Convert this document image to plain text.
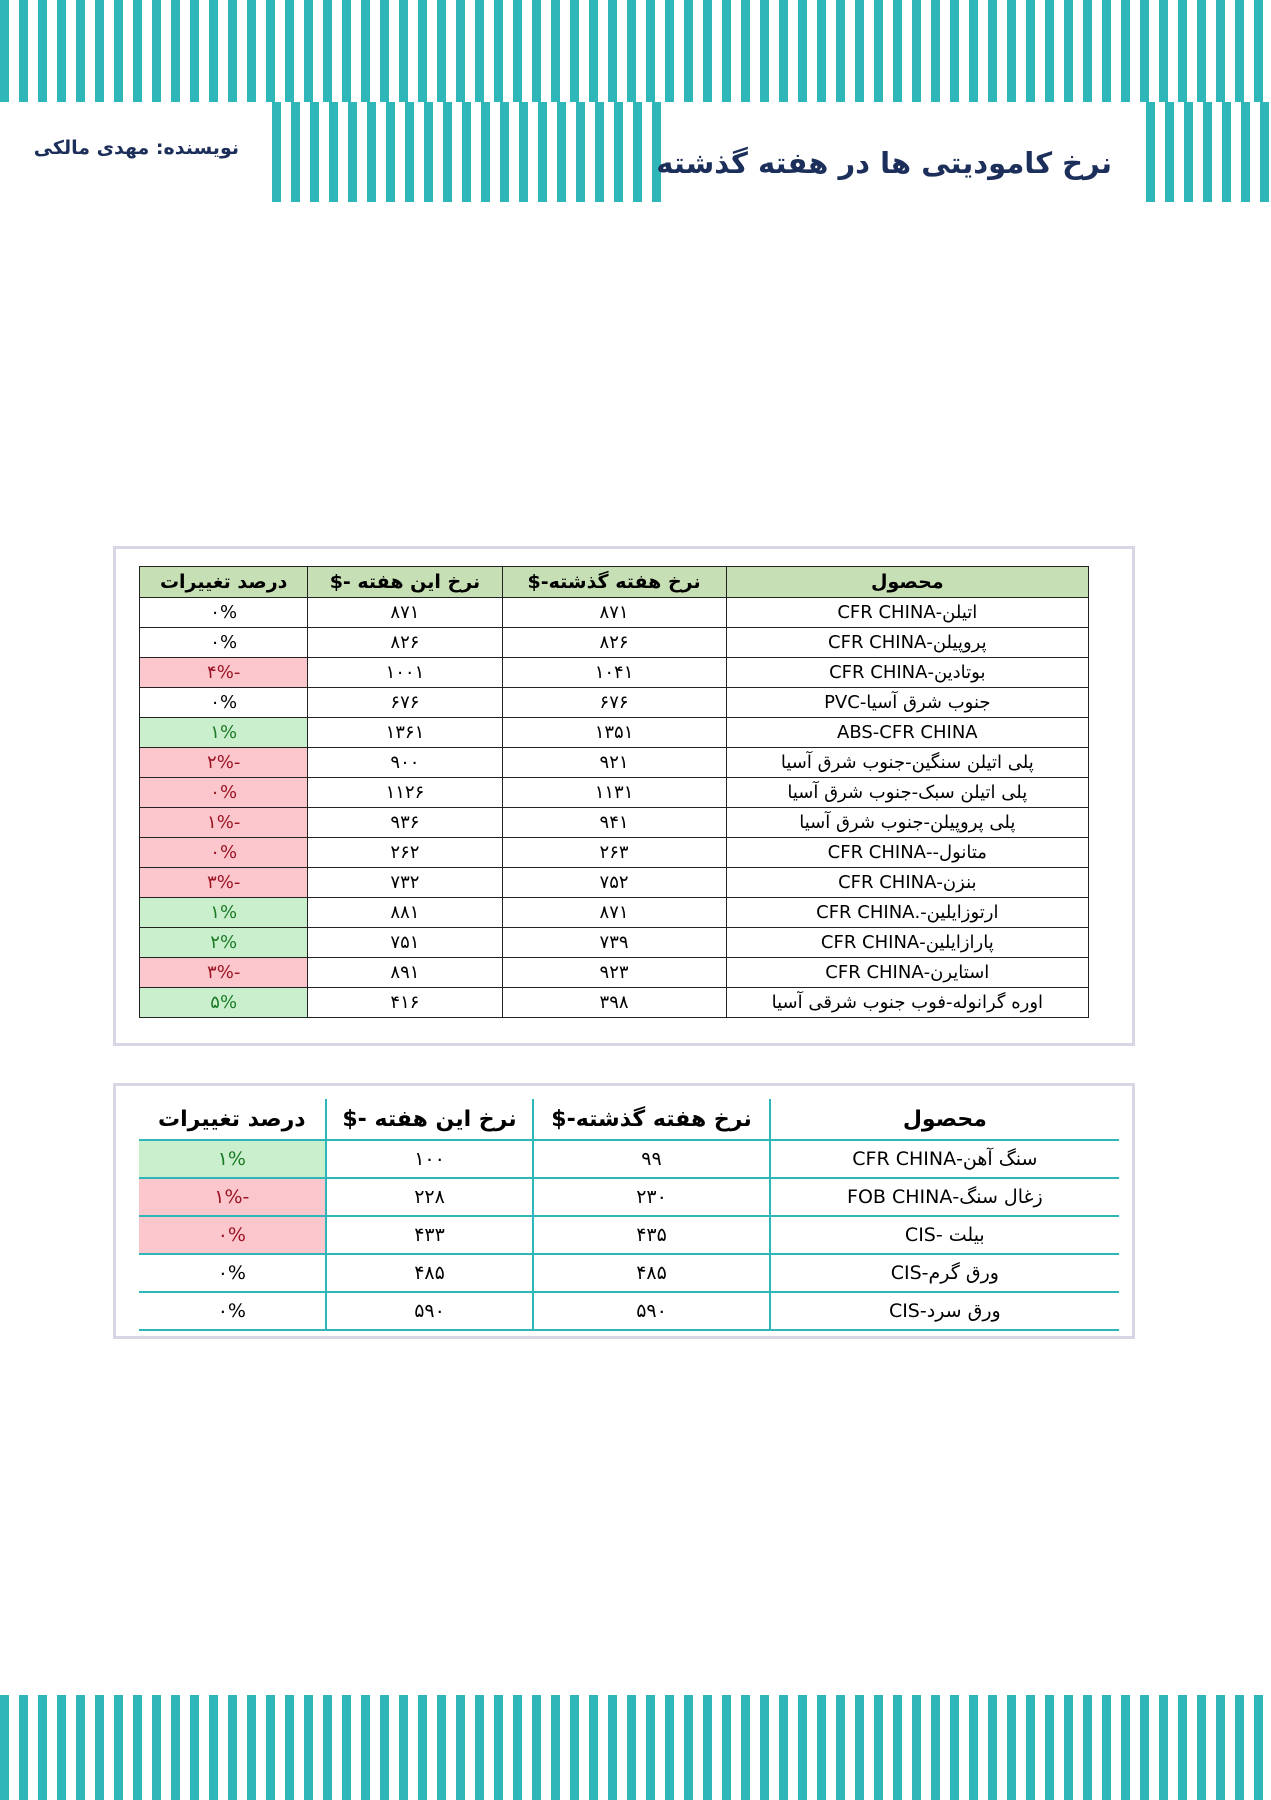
نرخ کامودیتی ها در هفته گذشته
نویسنده: مهدی مالکی
محصول	نرخ هفته گذشته-$	نرخ این هفته -$	درصد تغییرات
اتیلن-CFR CHINA	۸۷۱	۸۷۱	۰%
پروپیلن-CFR CHINA	۸۲۶	۸۲۶	۰%
بوتادین-CFR CHINA	۱۰۴۱	۱۰۰۱	-۴%
جنوب شرق آسیا-PVC	۶۷۶	۶۷۶	۰%
ABS-CFR CHINA	۱۳۵۱	۱۳۶۱	۱%
پلی اتیلن سنگین-جنوب شرق آسیا	۹۲۱	۹۰۰	-۲%
پلی اتیلن سبک-جنوب شرق آسیا	۱۱۳۱	۱۱۲۶	۰%
پلی پروپیلن-جنوب شرق آسیا	۹۴۱	۹۳۶	-۱%
متانول--CFR CHINA	۲۶۳	۲۶۲	۰%
بنزن-CFR CHINA	۷۵۲	۷۳۲	-۳%
ارتوزایلین-.CFR CHINA	۸۷۱	۸۸۱	۱%
پارازایلین-CFR CHINA	۷۳۹	۷۵۱	۲%
استایرن-CFR CHINA	۹۲۳	۸۹۱	-۳%
اوره گرانوله-فوب جنوب شرقی آسیا	۳۹۸	۴۱۶	۵%
محصول	نرخ هفته گذشته-$	نرخ این هفته -$	درصد تغییرات
سنگ آهن-CFR CHINA	۹۹	۱۰۰	۱%
زغال سنگ-FOB CHINA	۲۳۰	۲۲۸	-۱%
بیلت -CIS	۴۳۵	۴۳۳	۰%
ورق گرم-CIS	۴۸۵	۴۸۵	۰%
ورق سرد-CIS	۵۹۰	۵۹۰	۰%
